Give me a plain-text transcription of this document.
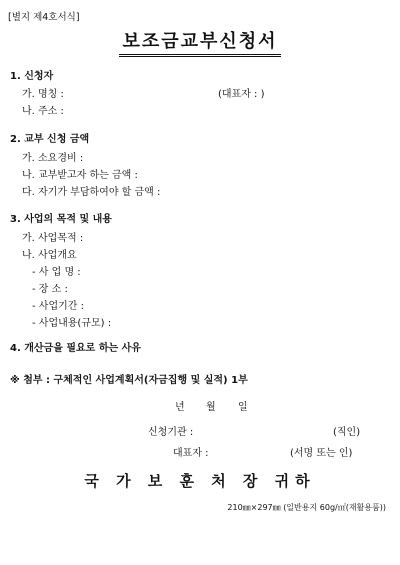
[별지 제4호서식]
보조금교부신청서
1. 신청자
가. 명칭 :	(대표자 : )
나. 주소 :
2. 교부 신청 금액
가. 소요경비 :
나. 교부받고자 하는 금액 :
다. 자기가 부담하여야 할 금액 :
3. 사업의 목적 및 내용
가. 사업목적 :
나. 사업개요
- 사 업 명 :
- 장 소 :
- 사업기간 :
- 사업내용(규모) :
4. 개산금을 필요로 하는 사유
※ 첨부 : 구체적인 사업계획서(자금집행 및 실적) 1부
년 월 일
신청기관 :	(직인)
대표자 :	(서명 또는 인)
국 가 보 훈 처 장 귀하
210㎜×297㎜ (일반용지 60g/㎡(재활용품))
